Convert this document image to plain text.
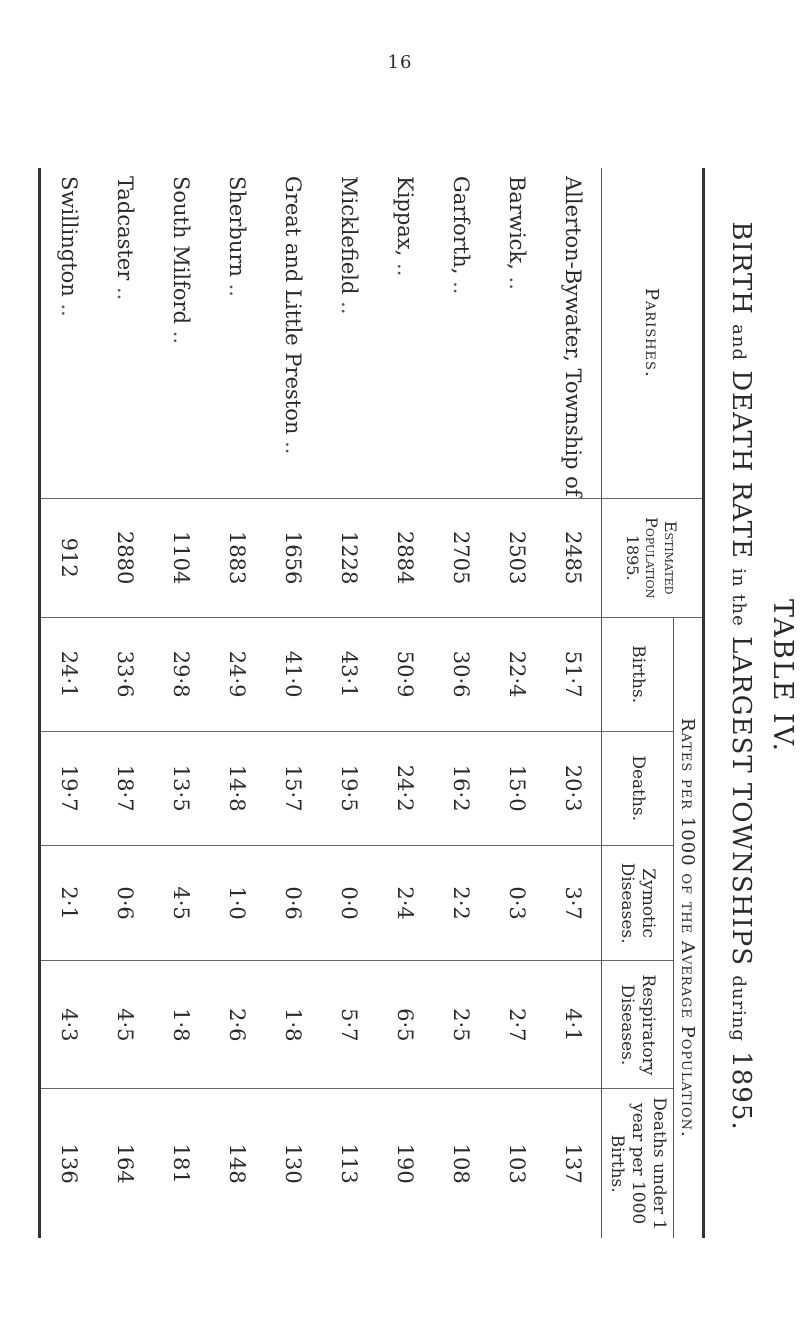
16
TABLE IV.
BIRTH and DEATH RATE in the LARGEST TOWNSHIPS during 1895.
Parishes.	Estimated Population 1895.	Rates per 1000 of the Average Population.				
		Births.	Deaths.	Zymotic Diseases.	Respiratory Diseases.	Deaths under 1 year per 1000 Births.
Allerton-Bywater, Township of	2485	51·7	20·3	3·7	4·1	137
Barwick, ..	2503	22·4	15·0	0·3	2·7	103
Garforth, ..	2705	30·6	16·2	2·2	2·5	108
Kippax, ..	2884	50·9	24·2	2·4	6·5	190
Micklefield ..	1228	43·1	19·5	0·0	5·7	113
Great and Little Preston ..	1656	41·0	15·7	0·6	1·8	130
Sherburn ..	1883	24·9	14·8	1·0	2·6	148
South Milford ..	1104	29·8	13·5	4·5	1·8	181
Tadcaster ..	2880	33·6	18·7	0·6	4·5	164
Swillington ..	912	24·1	19·7	2·1	4·3	136
